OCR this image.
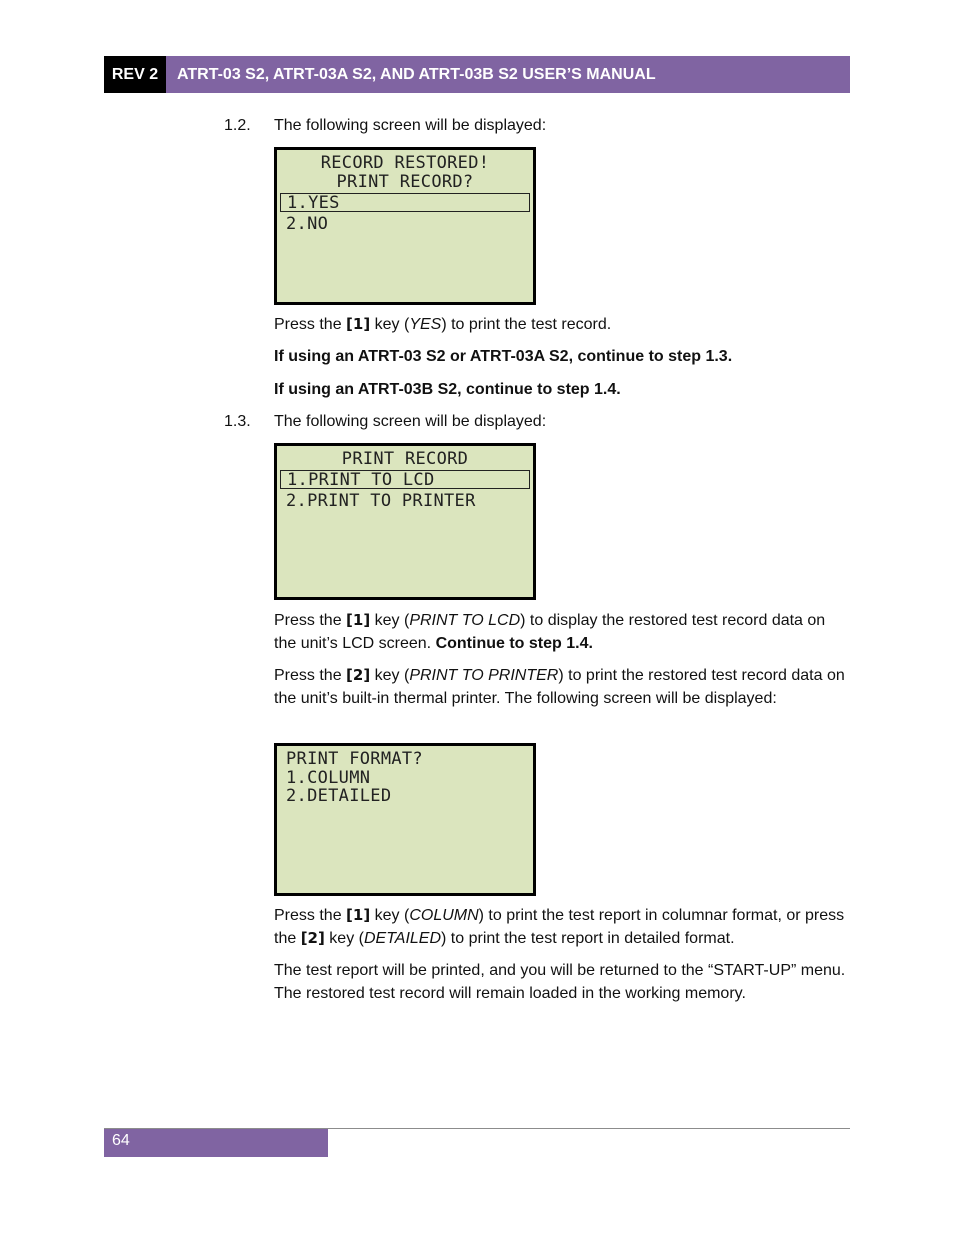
REV 2	ATRT-03 S2, ATRT-03A S2, AND ATRT-03B S2 USER’S MANUAL
1.2. The following screen will be displayed:

RECORD RESTORED!
PRINT RECORD?
1.YES
2.NO

Press the [1] key (YES) to print the test record.

If using an ATRT-03 S2 or ATRT-03A S2, continue to step 1.3.

If using an ATRT-03B S2, continue to step 1.4.

1.3. The following screen will be displayed:

PRINT RECORD
1.PRINT TO LCD
2.PRINT TO PRINTER

Press the [1] key (PRINT TO LCD) to display the restored test record data on the unit’s LCD screen. Continue to step 1.4.

Press the [2] key (PRINT TO PRINTER) to print the restored test record data on the unit’s built-in thermal printer. The following screen will be displayed:

PRINT FORMAT?
1.COLUMN
2.DETAILED

Press the [1] key (COLUMN) to print the test report in columnar format, or press the [2] key (DETAILED) to print the test report in detailed format.

The test report will be printed, and you will be returned to the “START-UP” menu. The restored test record will remain loaded in the working memory.

64
